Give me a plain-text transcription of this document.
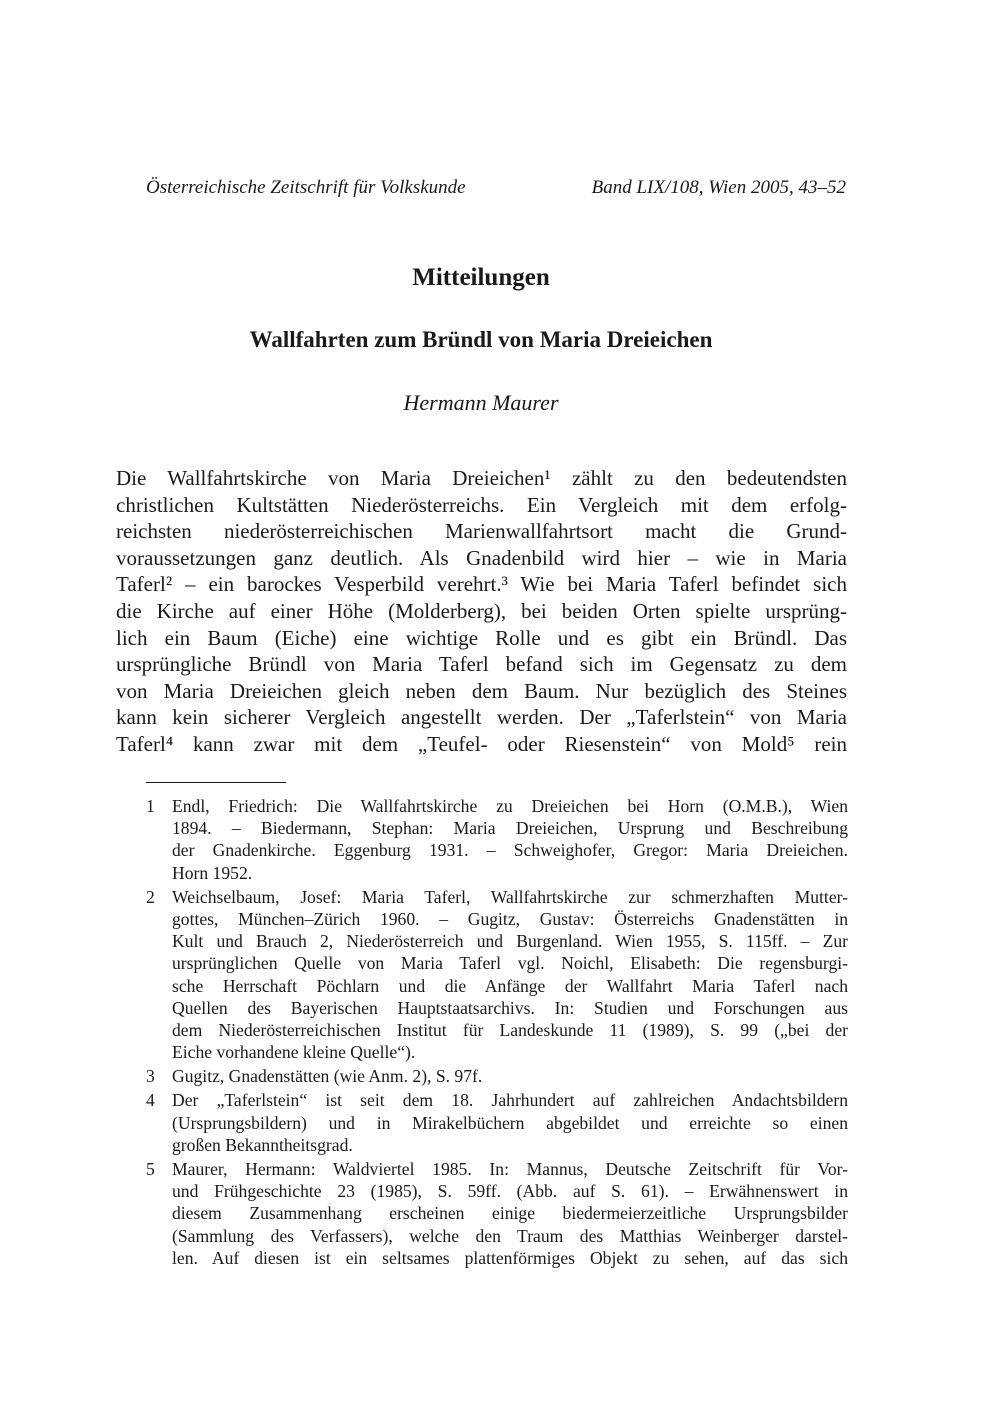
Österreichische Zeitschrift für Volkskunde	Band LIX/108, Wien 2005, 43–52
Mitteilungen
Wallfahrten zum Bründl von Maria Dreieichen
Hermann Maurer
Die Wallfahrtskirche von Maria Dreieichen¹ zählt zu den bedeutendsten
christlichen Kultstätten Niederösterreichs. Ein Vergleich mit dem erfolg-
reichsten niederösterreichischen Marienwallfahrtsort macht die Grund-
voraussetzungen ganz deutlich. Als Gnadenbild wird hier – wie in Maria
Taferl² – ein barockes Vesperbild verehrt.³ Wie bei Maria Taferl befindet sich
die Kirche auf einer Höhe (Molderberg), bei beiden Orten spielte ursprüng-
lich ein Baum (Eiche) eine wichtige Rolle und es gibt ein Bründl. Das
ursprüngliche Bründl von Maria Taferl befand sich im Gegensatz zu dem
von Maria Dreieichen gleich neben dem Baum. Nur bezüglich des Steines
kann kein sicherer Vergleich angestellt werden. Der „Taferlstein“ von Maria
Taferl⁴ kann zwar mit dem „Teufel- oder Riesenstein“ von Mold⁵ rein
1 Endl, Friedrich: Die Wallfahrtskirche zu Dreieichen bei Horn (O.M.B.), Wien
1894. – Biedermann, Stephan: Maria Dreieichen, Ursprung und Beschreibung
der Gnadenkirche. Eggenburg 1931. – Schweighofer, Gregor: Maria Dreieichen.
Horn 1952.
2 Weichselbaum, Josef: Maria Taferl, Wallfahrtskirche zur schmerzhaften Mutter-
gottes, München–Zürich 1960. – Gugitz, Gustav: Österreichs Gnadenstätten in
Kult und Brauch 2, Niederösterreich und Burgenland. Wien 1955, S. 115ff. – Zur
ursprünglichen Quelle von Maria Taferl vgl. Noichl, Elisabeth: Die regensburgi-
sche Herrschaft Pöchlarn und die Anfänge der Wallfahrt Maria Taferl nach
Quellen des Bayerischen Hauptstaatsarchivs. In: Studien und Forschungen aus
dem Niederösterreichischen Institut für Landeskunde 11 (1989), S. 99 („bei der
Eiche vorhandene kleine Quelle“).
3 Gugitz, Gnadenstätten (wie Anm. 2), S. 97f.
4 Der „Taferlstein“ ist seit dem 18. Jahrhundert auf zahlreichen Andachtsbildern
(Ursprungsbildern) und in Mirakelbüchern abgebildet und erreichte so einen
großen Bekanntheitsgrad.
5 Maurer, Hermann: Waldviertel 1985. In: Mannus, Deutsche Zeitschrift für Vor-
und Frühgeschichte 23 (1985), S. 59ff. (Abb. auf S. 61). – Erwähnenswert in
diesem Zusammenhang erscheinen einige biedermeierzeitliche Ursprungsbilder
(Sammlung des Verfassers), welche den Traum des Matthias Weinberger darstel-
len. Auf diesen ist ein seltsames plattenförmiges Objekt zu sehen, auf das sich
